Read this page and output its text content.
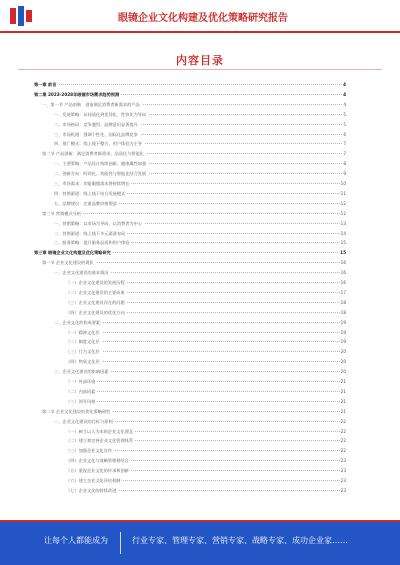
眼镜企业文化构建及优化策略研究报告
内容目录
第一章 前言	4
第二章 2023-2028年眼镜市场需求趋势预测	4
一、第一节 产品创新：创造满足消费者新需求的产品	4
一、发展策略：从同质化到差异化、性价比为导向	5
二、市场格局：竞争激烈、品牌意识显著提升	5
三、市场机遇：强调个性化、国际化品牌竞争	6
四、推广模式：线上线下整合、用户体验为主导	7
第二节 产品创新：满足消费者新需求、品质化与智能化	7
一、主要策略：产品设计持续创新、健康属性加强	8
二、创新方向：时尚化、功能性与智能化结合发展	9
三、市场需求：功能眼镜需求将持续增长	10
四、营销渠道：线上线下结合发展模式	11
五、品牌建设：注重品牌价值塑造	12
第三节 营销模式分析	12
一、营销策略：以市场为导向、以消费者为中心	13
二、营销渠道：线上线下多元渠道布局	14
三、服务策略：提升服务品质和用户体验	15
第三章 眼镜企业文化构建及优化策略研究	15
第一节 企业文化建设的现状	16
一、企业文化建设的基本情况	16
（一）企业文化建设的发展历程	16
（二）企业文化建设的主要成果	17
（三）企业文化建设存在的问题	18
（四）企业文化建设的优化方向	18
二、企业文化的构成要素	19
（一）精神文化层	19
（二）制度文化层	19
（三）行为文化层	20
（四）物质文化层	20
三、企业文化建设的影响因素	20
（一）外部环境	21
（二）内部因素	21
（三）领导风格	21
第二节 企业文化建设的优化策略研究	21
一、企业文化建设的目标与原则	22
（一）树立以人为本的企业文化理念	22
（二）建立和完善企业文化管理体系	22
（三）加强企业文化宣传	22
（四）企业文化与战略管理相结合	23
（五）重视企业文化的传承和创新	23
（六）建立企业文化评估机制	23
（七）企业文化的持续改进	23
让每个人都能成为	行业专家、管理专家、营销专家、战略专家、成功企业家……
